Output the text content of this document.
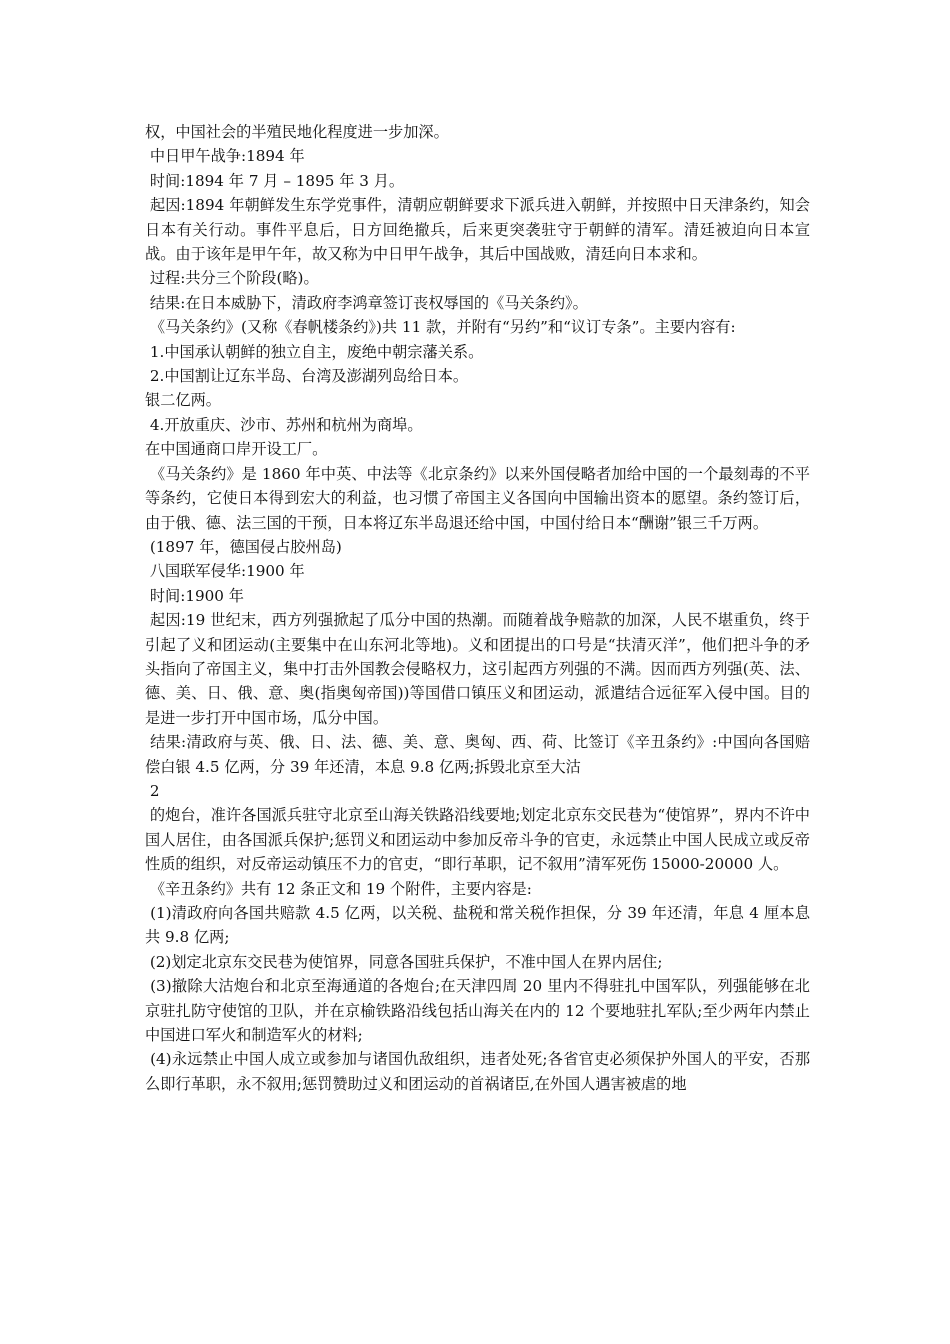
权，中国社会的半殖民地化程度进一步加深。

中日甲午战争:1894 年

时间:1894 年 7 月 – 1895 年 3 月。

起因:1894 年朝鲜发生东学党事件，清朝应朝鲜要求下派兵进入朝鲜，并按照中日天津条约，知会日本有关行动。事件平息后，日方回绝撤兵，后来更突袭驻守于朝鲜的清军。清廷被迫向日本宣战。由于该年是甲午年，故又称为中日甲午战争，其后中国战败，清廷向日本求和。

过程:共分三个阶段(略)。

结果:在日本威胁下，清政府李鸿章签订丧权辱国的《马关条约》。

《马关条约》(又称《春帆楼条约》)共 11 款，并附有“另约”和“议订专条”。主要内容有:

1.中国承认朝鲜的独立自主，废绝中朝宗藩关系。

2.中国割让辽东半岛、台湾及澎湖列岛给日本。

银二亿两。

4.开放重庆、沙市、苏州和杭州为商埠。

在中国通商口岸开设工厂。

《马关条约》是 1860 年中英、中法等《北京条约》以来外国侵略者加给中国的一个最刻毒的不平等条约，它使日本得到宏大的利益，也习惯了帝国主义各国向中国输出资本的愿望。条约签订后，由于俄、德、法三国的干预，日本将辽东半岛退还给中国，中国付给日本“酬谢”银三千万两。

(1897 年，德国侵占胶州岛)

八国联军侵华:1900 年

时间:1900 年

起因:19 世纪末，西方列强掀起了瓜分中国的热潮。而随着战争赔款的加深，人民不堪重负，终于引起了义和团运动(主要集中在山东河北等地)。义和团提出的口号是“扶清灭洋”，他们把斗争的矛头指向了帝国主义，集中打击外国教会侵略权力，这引起西方列强的不满。因而西方列强(英、法、德、美、日、俄、意、奥(指奥匈帝国))等国借口镇压义和团运动，派遣结合远征军入侵中国。目的是进一步打开中国市场，瓜分中国。

结果:清政府与英、俄、日、法、德、美、意、奥匈、西、荷、比签订《辛丑条约》:中国向各国赔偿白银 4.5 亿两，分 39 年还清，本息 9.8 亿两;拆毁北京至大沽

2

的炮台，准许各国派兵驻守北京至山海关铁路沿线要地;划定北京东交民巷为“使馆界”，界内不许中国人居住，由各国派兵保护;惩罚义和团运动中参加反帝斗争的官吏，永远禁止中国人民成立或反帝性质的组织，对反帝运动镇压不力的官吏，“即行革职，记不叙用”清军死伤 15000-20000 人。

《辛丑条约》共有 12 条正文和 19 个附件，主要内容是:

(1)清政府向各国共赔款 4.5 亿两，以关税、盐税和常关税作担保，分 39 年还清，年息 4 厘本息共 9.8 亿两;

(2)划定北京东交民巷为使馆界，同意各国驻兵保护，不准中国人在界内居住;

(3)撤除大沽炮台和北京至海通道的各炮台;在天津四周 20 里内不得驻扎中国军队，列强能够在北京驻扎防守使馆的卫队，并在京榆铁路沿线包括山海关在内的 12 个要地驻扎军队;至少两年内禁止中国进口军火和制造军火的材料;

(4)永远禁止中国人成立或参加与诸国仇敌组织，违者处死;各省官吏必须保护外国人的平安，否那么即行革职，永不叙用;惩罚赞助过义和团运动的首祸诸臣,在外国人遇害被虐的地
